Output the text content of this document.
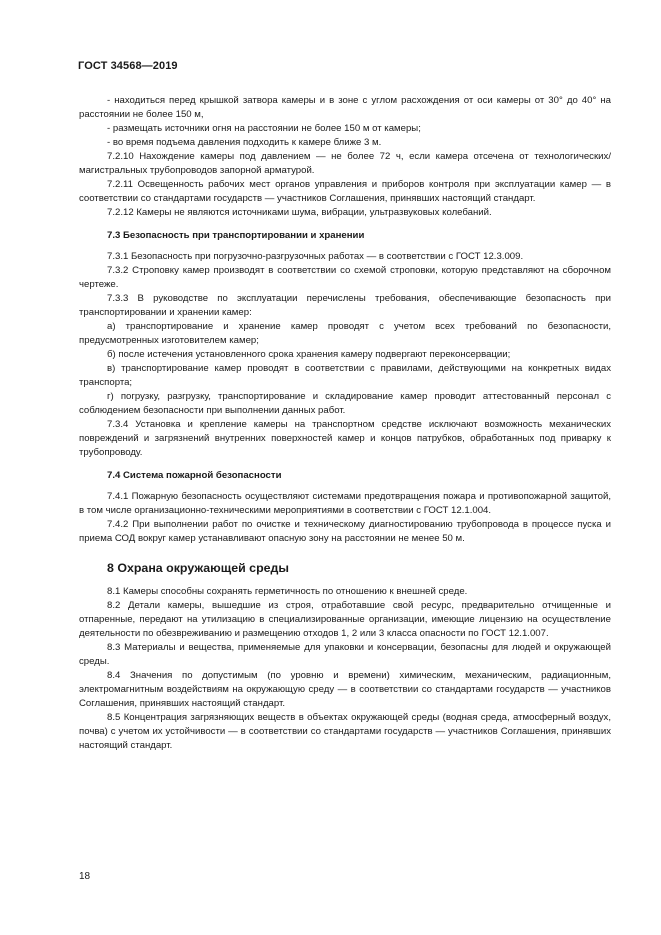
ГОСТ 34568—2019

- находиться перед крышкой затвора камеры и в зоне с углом расхождения от оси камеры от 30° до 40° на расстоянии не более 150 м,

- размещать источники огня на расстоянии не более 150 м от камеры;

- во время подъема давления подходить к камере ближе 3 м.

7.2.10 Нахождение камеры под давлением — не более 72 ч, если камера отсечена от технологических/магистральных трубопроводов запорной арматурой.

7.2.11 Освещенность рабочих мест органов управления и приборов контроля при эксплуатации камер — в соответствии со стандартами государств — участников Соглашения, принявших настоящий стандарт.

7.2.12 Камеры не являются источниками шума, вибрации, ультразвуковых колебаний.

7.3 Безопасность при транспортировании и хранении

7.3.1 Безопасность при погрузочно-разгрузочных работах — в соответствии с ГОСТ 12.3.009.

7.3.2 Строповку камер производят в соответствии со схемой строповки, которую представляют на сборочном чертеже.

7.3.3 В руководстве по эксплуатации перечислены требования, обеспечивающие безопасность при транспортировании и хранении камер:

а) транспортирование и хранение камер проводят с учетом всех требований по безопасности, предусмотренных изготовителем камер;

б) после истечения установленного срока хранения камеру подвергают переконсервации;

в) транспортирование камер проводят в соответствии с правилами, действующими на конкретных видах транспорта;

г) погрузку, разгрузку, транспортирование и складирование камер проводит аттестованный персонал с соблюдением безопасности при выполнении данных работ.

7.3.4 Установка и крепление камеры на транспортном средстве исключают возможность механических повреждений и загрязнений внутренних поверхностей камер и концов патрубков, обработанных под приварку к трубопроводу.

7.4 Система пожарной безопасности

7.4.1 Пожарную безопасность осуществляют системами предотвращения пожара и противопожарной защитой, в том числе организационно-техническими мероприятиями в соответствии с ГОСТ 12.1.004.

7.4.2 При выполнении работ по очистке и техническому диагностированию трубопровода в процессе пуска и приема СОД вокруг камер устанавливают опасную зону на расстоянии не менее 50 м.

8 Охрана окружающей среды

8.1 Камеры способны сохранять герметичность по отношению к внешней среде.

8.2 Детали камеры, вышедшие из строя, отработавшие свой ресурс, предварительно отчищенные и отпаренные, передают на утилизацию в специализированные организации, имеющие лицензию на осуществление деятельности по обезвреживанию и размещению отходов 1, 2 или 3 класса опасности по ГОСТ 12.1.007.

8.3 Материалы и вещества, применяемые для упаковки и консервации, безопасны для людей и окружающей среды.

8.4 Значения по допустимым (по уровню и времени) химическим, механическим, радиационным, электромагнитным воздействиям на окружающую среду — в соответствии со стандартами государств — участников Соглашения, принявших настоящий стандарт.

8.5 Концентрация загрязняющих веществ в объектах окружающей среды (водная среда, атмосферный воздух, почва) с учетом их устойчивости — в соответствии со стандартами государств — участников Соглашения, принявших настоящий стандарт.

18
